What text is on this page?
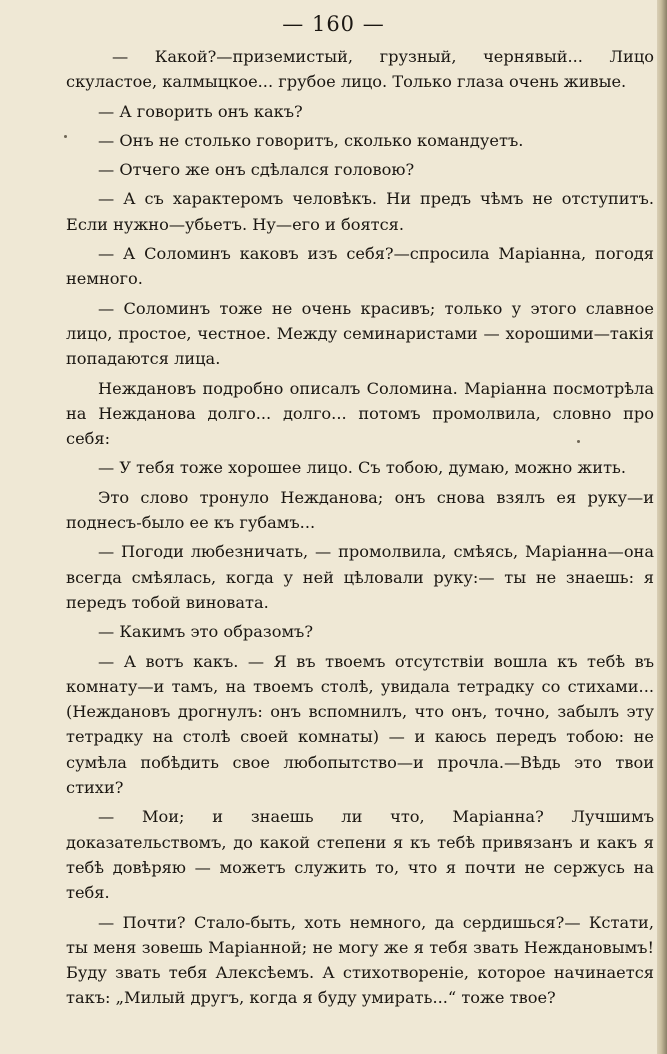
— 160 —

— Какой?—приземистый, грузный, чернявый... Лицо скуластое, калмыцкое... грубое лицо. Только глаза очень живые.

— А говорить онъ какъ?

— Онъ не столько говоритъ, сколько командуетъ.

— Отчего же онъ сдѣлался головою?

— А съ характеромъ человѣкъ. Ни предъ чѣмъ не отступитъ. Если нужно—убьетъ. Ну—его и боятся.

— А Соломинъ каковъ изъ себя?—спросила Маріанна, погодя немного.

— Соломинъ тоже не очень красивъ; только у этого славное лицо, простое, честное. Между семинаристами — хорошими—такія попадаются лица.

Неждановъ подробно описалъ Соломина. Маріанна посмотрѣла на Нежданова долго... долго... потомъ промолвила, словно про себя:

— У тебя тоже хорошее лицо. Съ тобою, думаю, можно жить.

Это слово тронуло Нежданова; онъ снова взялъ ея руку—и поднесъ-было ее къ губамъ...

— Погоди любезничать, — промолвила, смѣясь, Маріанна—она всегда смѣялась, когда у ней цѣловали руку:— ты не знаешь: я передъ тобой виновата.

— Какимъ это образомъ?

— А вотъ какъ. — Я въ твоемъ отсутствіи вошла къ тебѣ въ комнату—и тамъ, на твоемъ столѣ, увидала тетрадку со стихами... (Неждановъ дрогнулъ: онъ вспомнилъ, что онъ, точно, забылъ эту тетрадку на столѣ своей комнаты) — и каюсь передъ тобою: не сумѣла побѣдить свое любопытство—и прочла.—Вѣдь это твои стихи?

— Мои; и знаешь ли что, Маріанна? Лучшимъ доказательствомъ, до какой степени я къ тебѣ привязанъ и какъ я тебѣ довѣряю — можетъ служить то, что я почти не сержусь на тебя.

— Почти? Стало-быть, хоть немного, да сердишься?— Кстати, ты меня зовешь Маріанной; не могу же я тебя звать Неждановымъ! Буду звать тебя Алексѣемъ. А стихотвореніе, которое начинается такъ: „Милый другъ, когда я буду умирать...“ тоже твое?
